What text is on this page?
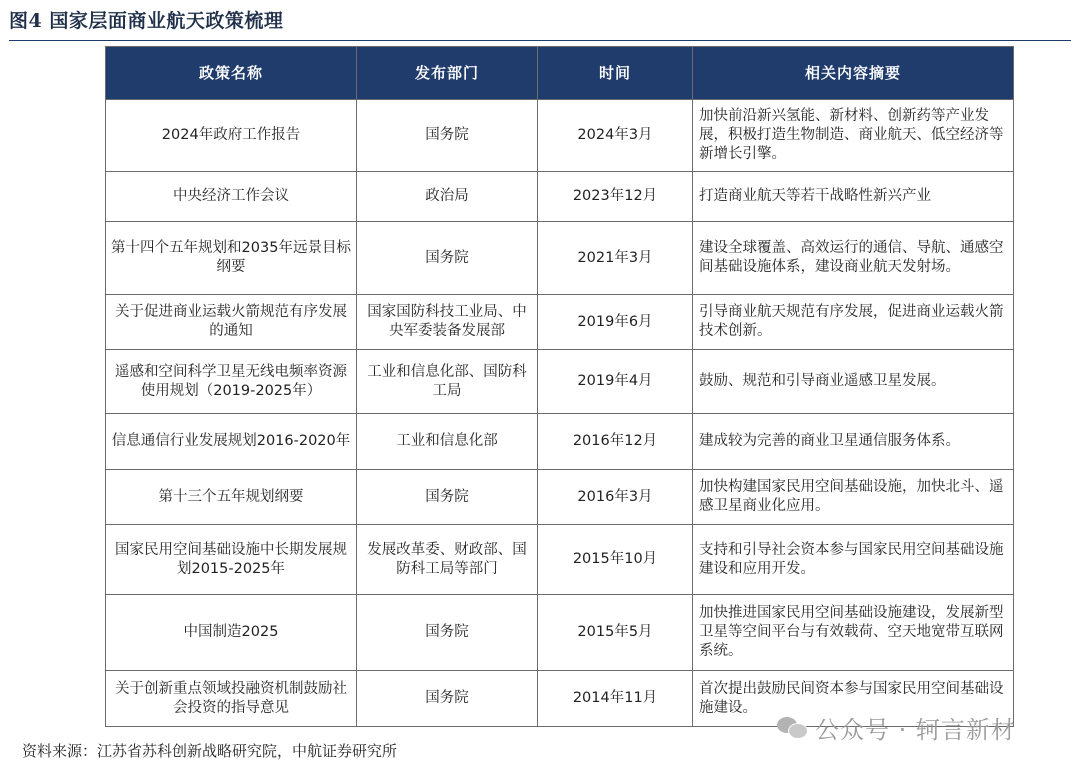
图4 国家层面商业航天政策梳理
政策名称	发布部门	时间	相关内容摘要
2024年政府工作报告	国务院	2024年3月	加快前沿新兴氢能、新材料、创新药等产业发展，积极打造生物制造、商业航天、低空经济等新增长引擎。
中央经济工作会议	政治局	2023年12月	打造商业航天等若干战略性新兴产业
第十四个五年规划和2035年远景目标纲要	国务院	2021年3月	建设全球覆盖、高效运行的通信、导航、通感空间基础设施体系，建设商业航天发射场。
关于促进商业运载火箭规范有序发展的通知	国家国防科技工业局、中央军委装备发展部	2019年6月	引导商业航天规范有序发展，促进商业运载火箭技术创新。
遥感和空间科学卫星无线电频率资源使用规划（2019-2025年）	工业和信息化部、国防科工局	2019年4月	鼓励、规范和引导商业遥感卫星发展。
信息通信行业发展规划2016-2020年	工业和信息化部	2016年12月	建成较为完善的商业卫星通信服务体系。
第十三个五年规划纲要	国务院	2016年3月	加快构建国家民用空间基础设施，加快北斗、遥感卫星商业化应用。
国家民用空间基础设施中长期发展规划2015-2025年	发展改革委、财政部、国防科工局等部门	2015年10月	支持和引导社会资本参与国家民用空间基础设施建设和应用开发。
中国制造2025	国务院	2015年5月	加快推进国家民用空间基础设施建设，发展新型卫星等空间平台与有效载荷、空天地宽带互联网系统。
关于创新重点领域投融资机制鼓励社会投资的指导意见	国务院	2014年11月	首次提出鼓励民间资本参与国家民用空间基础设施建设。
资料来源：江苏省苏科创新战略研究院，中航证券研究所
公众号 · 轲言新材
